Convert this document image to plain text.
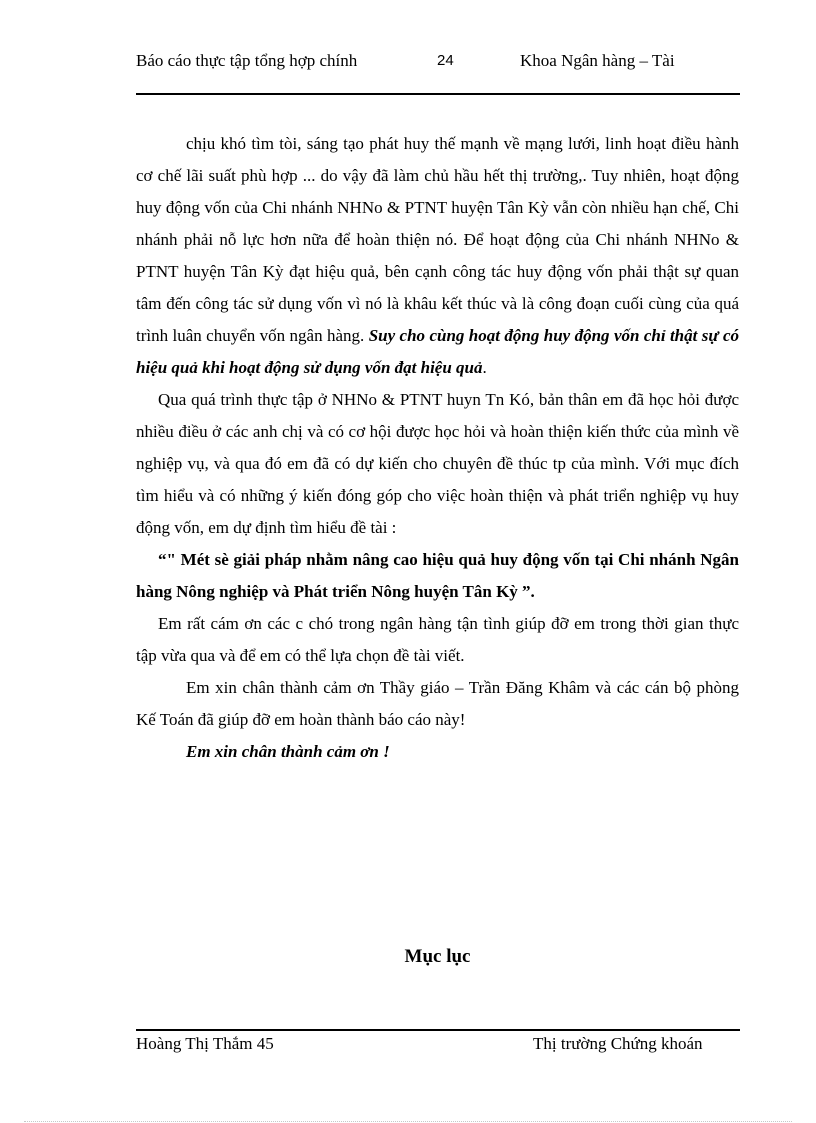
Báo cáo thực tập tổng hợp chính	24	Khoa Ngân hàng – Tài

chịu khó tìm tòi, sáng tạo phát huy thế mạnh về mạng lưới, linh hoạt điều hành cơ chế lãi suất phù hợp ... do vậy đã làm chủ hầu hết thị trường,. Tuy nhiên, hoạt động huy động vốn của Chi nhánh NHNo & PTNT huyện Tân Kỳ vẫn còn nhiều hạn chế, Chi nhánh phải nỗ lực hơn nữa để hoàn thiện nó. Để hoạt động của Chi nhánh NHNo & PTNT huyện Tân Kỳ đạt hiệu quả, bên cạnh công tác huy động vốn phải thật sự quan tâm đến công tác sử dụng vốn vì nó là khâu kết thúc và là công đoạn cuối cùng của quá trình luân chuyển vốn ngân hàng. Suy cho cùng hoạt động huy động vốn chỉ thật sự có hiệu quả khi hoạt động sử dụng vốn đạt hiệu quả.

Qua quá trình thực tập ở NHNo & PTNT huyn Tn Kó, bản thân em đã học hỏi được nhiều điều ở các anh chị và có cơ hội được học hỏi và hoàn thiện kiến thức của mình về nghiệp vụ, và qua đó em đã có dự kiến cho chuyên đề thúc tp của mình. Với mục đích tìm hiểu và có những ý kiến đóng góp cho việc hoàn thiện và phát triển nghiệp vụ huy động vốn, em dự định tìm hiểu đề tài :

“" Mét sè giải pháp nhằm nâng cao hiệu quả huy động vốn tại Chi nhánh Ngân hàng Nông nghiệp và Phát triển Nông huyện Tân Kỳ ”.

Em rất cám ơn các c chó trong ngân hàng tận tình giúp đỡ em trong thời gian thực tập vừa qua và để em có thể lựa chọn đề tài viết.

Em xin chân thành cảm ơn Thầy giáo – Trần Đăng Khâm và các cán bộ phòng Kế Toán đã giúp đỡ em hoàn thành báo cáo này!

Em xin chân thành cảm ơn !

Mục lục
Hoàng Thị Thắm 45	Thị trường Chứng khoán
